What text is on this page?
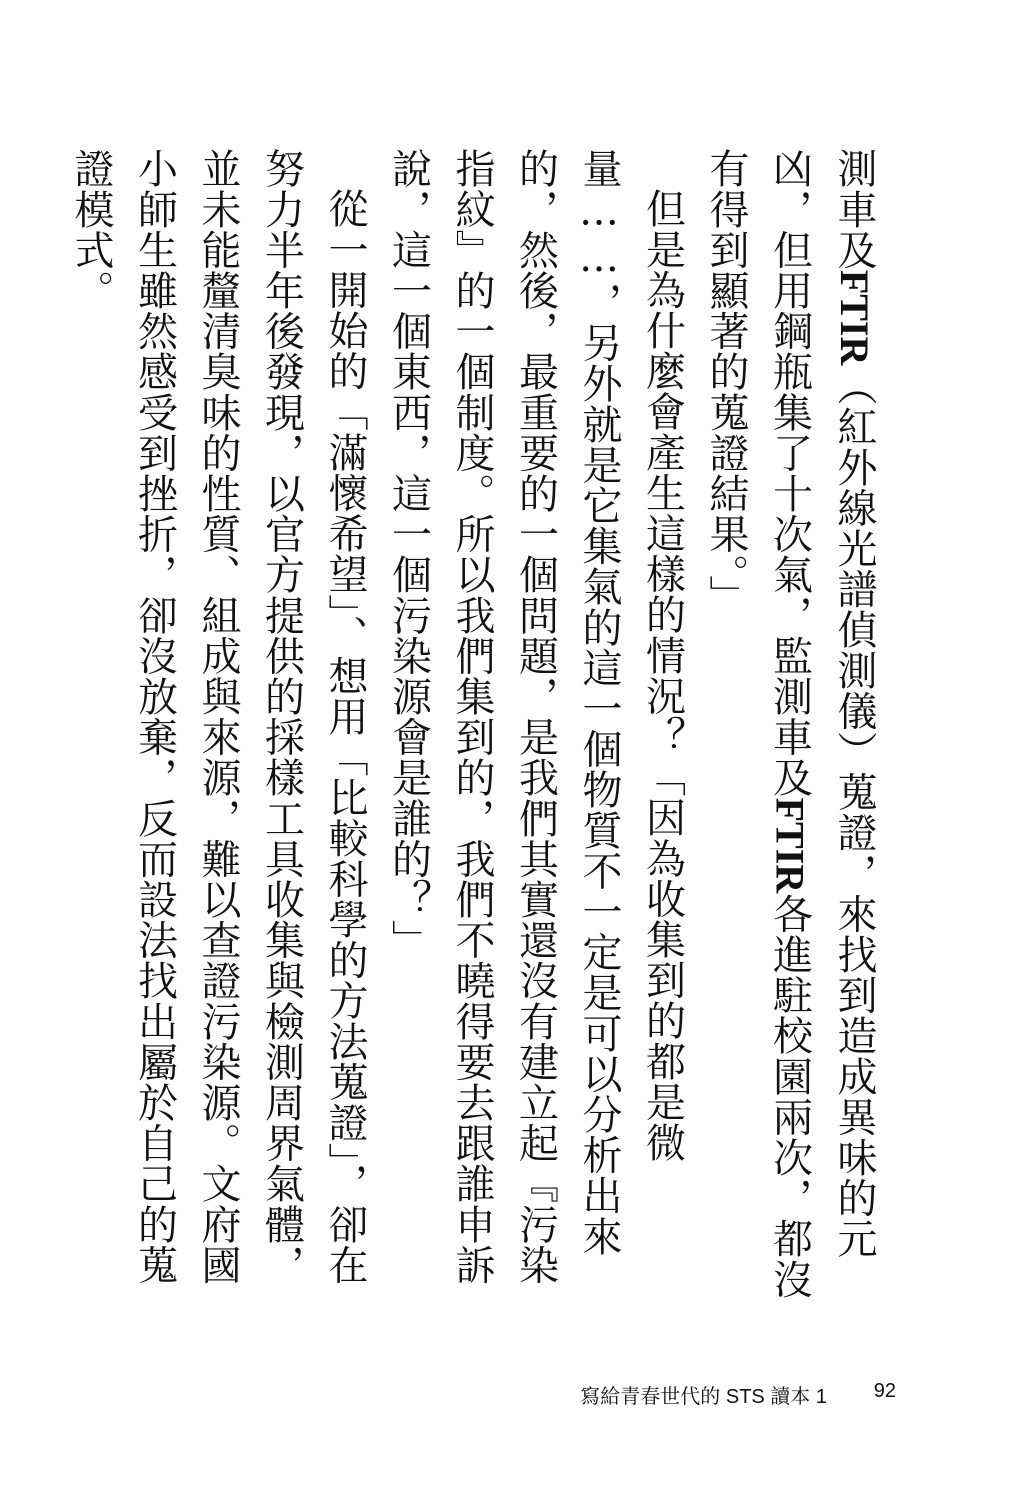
測車及FTIR（紅外線光譜偵測儀）蒐證，來找到造成異味的元凶，但用鋼瓶集了十次氣，監測車及FTIR各進駐校園兩次，都沒有得到顯著的蒐證結果。」

但是為什麼會產生這樣的情況？「因為收集到的都是微量……，另外就是它集氣的這一個物質不一定是可以分析出來的，然後，最重要的一個問題，是我們其實還沒有建立起『污染指紋』的一個制度。所以我們集到的，我們不曉得要去跟誰申訴說，這一個東西，這一個污染源會是誰的？」

從一開始的「滿懷希望」、想用「比較科學的方法蒐證」，卻在努力半年後發現，以官方提供的採樣工具收集與檢測周界氣體，並未能釐清臭味的性質、組成與來源，難以查證污染源。文府國小師生雖然感受到挫折，卻沒放棄，反而設法找出屬於自己的蒐證模式。

寫給青春世代的 STS 讀本 1 92
